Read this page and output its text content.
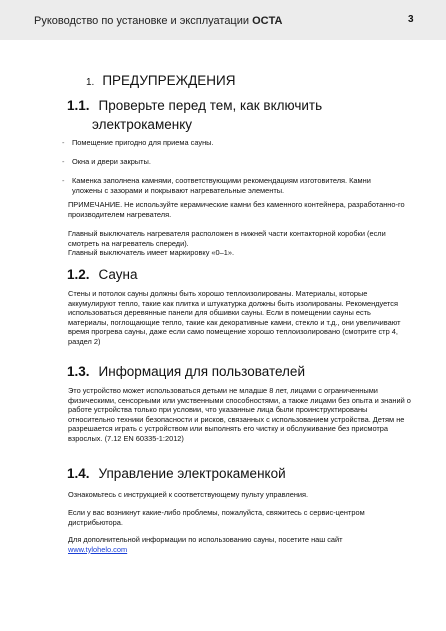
Руководство по установке и эксплуатации OCTA	3
1. ПРЕДУПРЕЖДЕНИЯ
1.1. Проверьте перед тем, как включить
электрокаменку
- Помещение пригодно для приема сауны.
- Окна и двери закрыты.
- Каменка заполнена камнями, соответствующими рекомендациям изготовителя. Камни уложены с зазорами и покрывают нагревательные элементы.
ПРИМЕЧАНИЕ. Не используйте керамические камни без каменного контейнера, разработанно-го производителем нагревателя.
Главный выключатель нагревателя расположен в нижней части контакторной коробки (если смотреть на нагреватель спереди).
Главный выключатель имеет маркировку «0–1».
1.2. Сауна
Стены и потолок сауны должны быть хорошо теплоизолированы. Материалы, которые аккумулируют тепло, такие как плитка и штукатурка должны быть изолированы. Рекомендуется использоваться деревянные панели для обшивки сауны. Если в помещении сауны есть материалы, поглощающие тепло, такие как декоративные камни, стекло и т.д., они увеличивают время прогрева сауны, даже если само помещение хорошо теплоизолировано (смотрите стр 4, раздел 2)
1.3. Информация для пользователей
Это устройство может использоваться детьми не младше 8 лет, лицами с ограниченными физическими, сенсорными или умственными способностями, а также лицами без опыта и знаний о работе устройства только при условии, что указанные лица были проинструктированы относительно техники безопасности и рисков, связанных с использованием устройства. Детям не разрешается играть с устройством или выполнять его чистку и обслуживание без присмотра взрослых. (7.12 EN 60335-1:2012)
1.4. Управление электрокаменкой
Ознакомьтесь с инструкцией к соответствующему пульту управления.
Если у вас возникнут какие-либо проблемы, пожалуйста, свяжитесь с сервис-центром дистрибьютора.
Для дополнительной информации по использованию сауны, посетите наш сайт
www.tylohelo.com
